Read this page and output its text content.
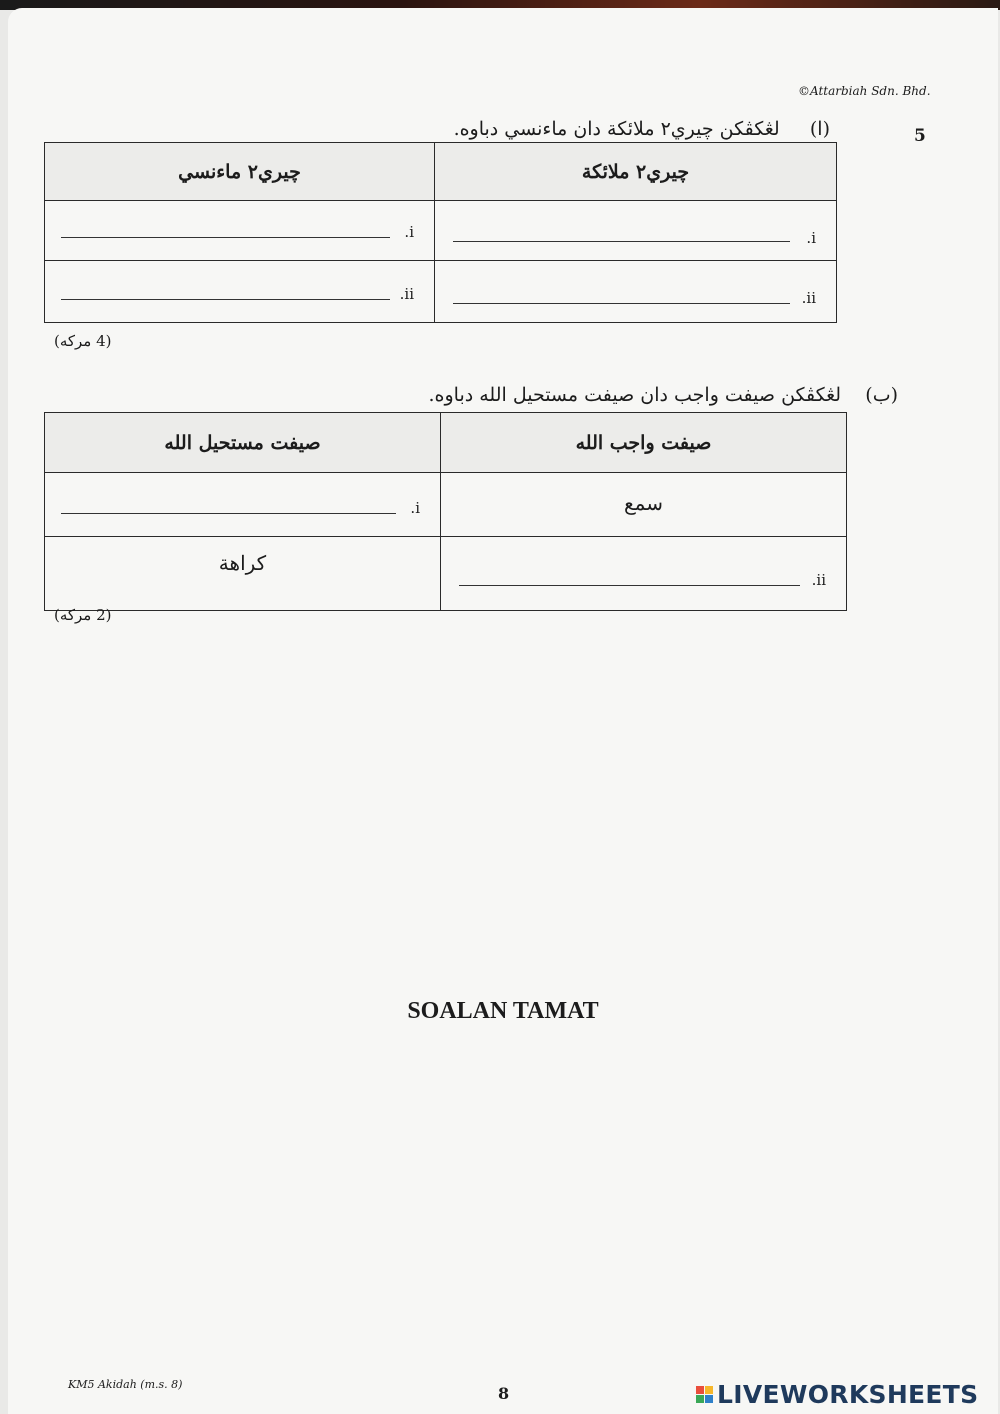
©Attarbiah Sdn. Bhd.
5
(ا)     لڠكڤكن چيري٢ ملائكة دان ماءنسي دباوه.
چيري٢ ماءنسي	چيري٢ ملائكة

.i	.i

.ii	.ii
(4 مركه)
(ب)    لڠكڤكن صيفت واجب دان صيفت مستحيل الله دباوه.
صيفت مستحيل الله	صيفت واجب الله

.i	سمع

كراهة	.ii
(2 مركه)
SOALAN TAMAT
KM5 Akidah (m.s. 8)	8	LIVEWORKSHEETS
